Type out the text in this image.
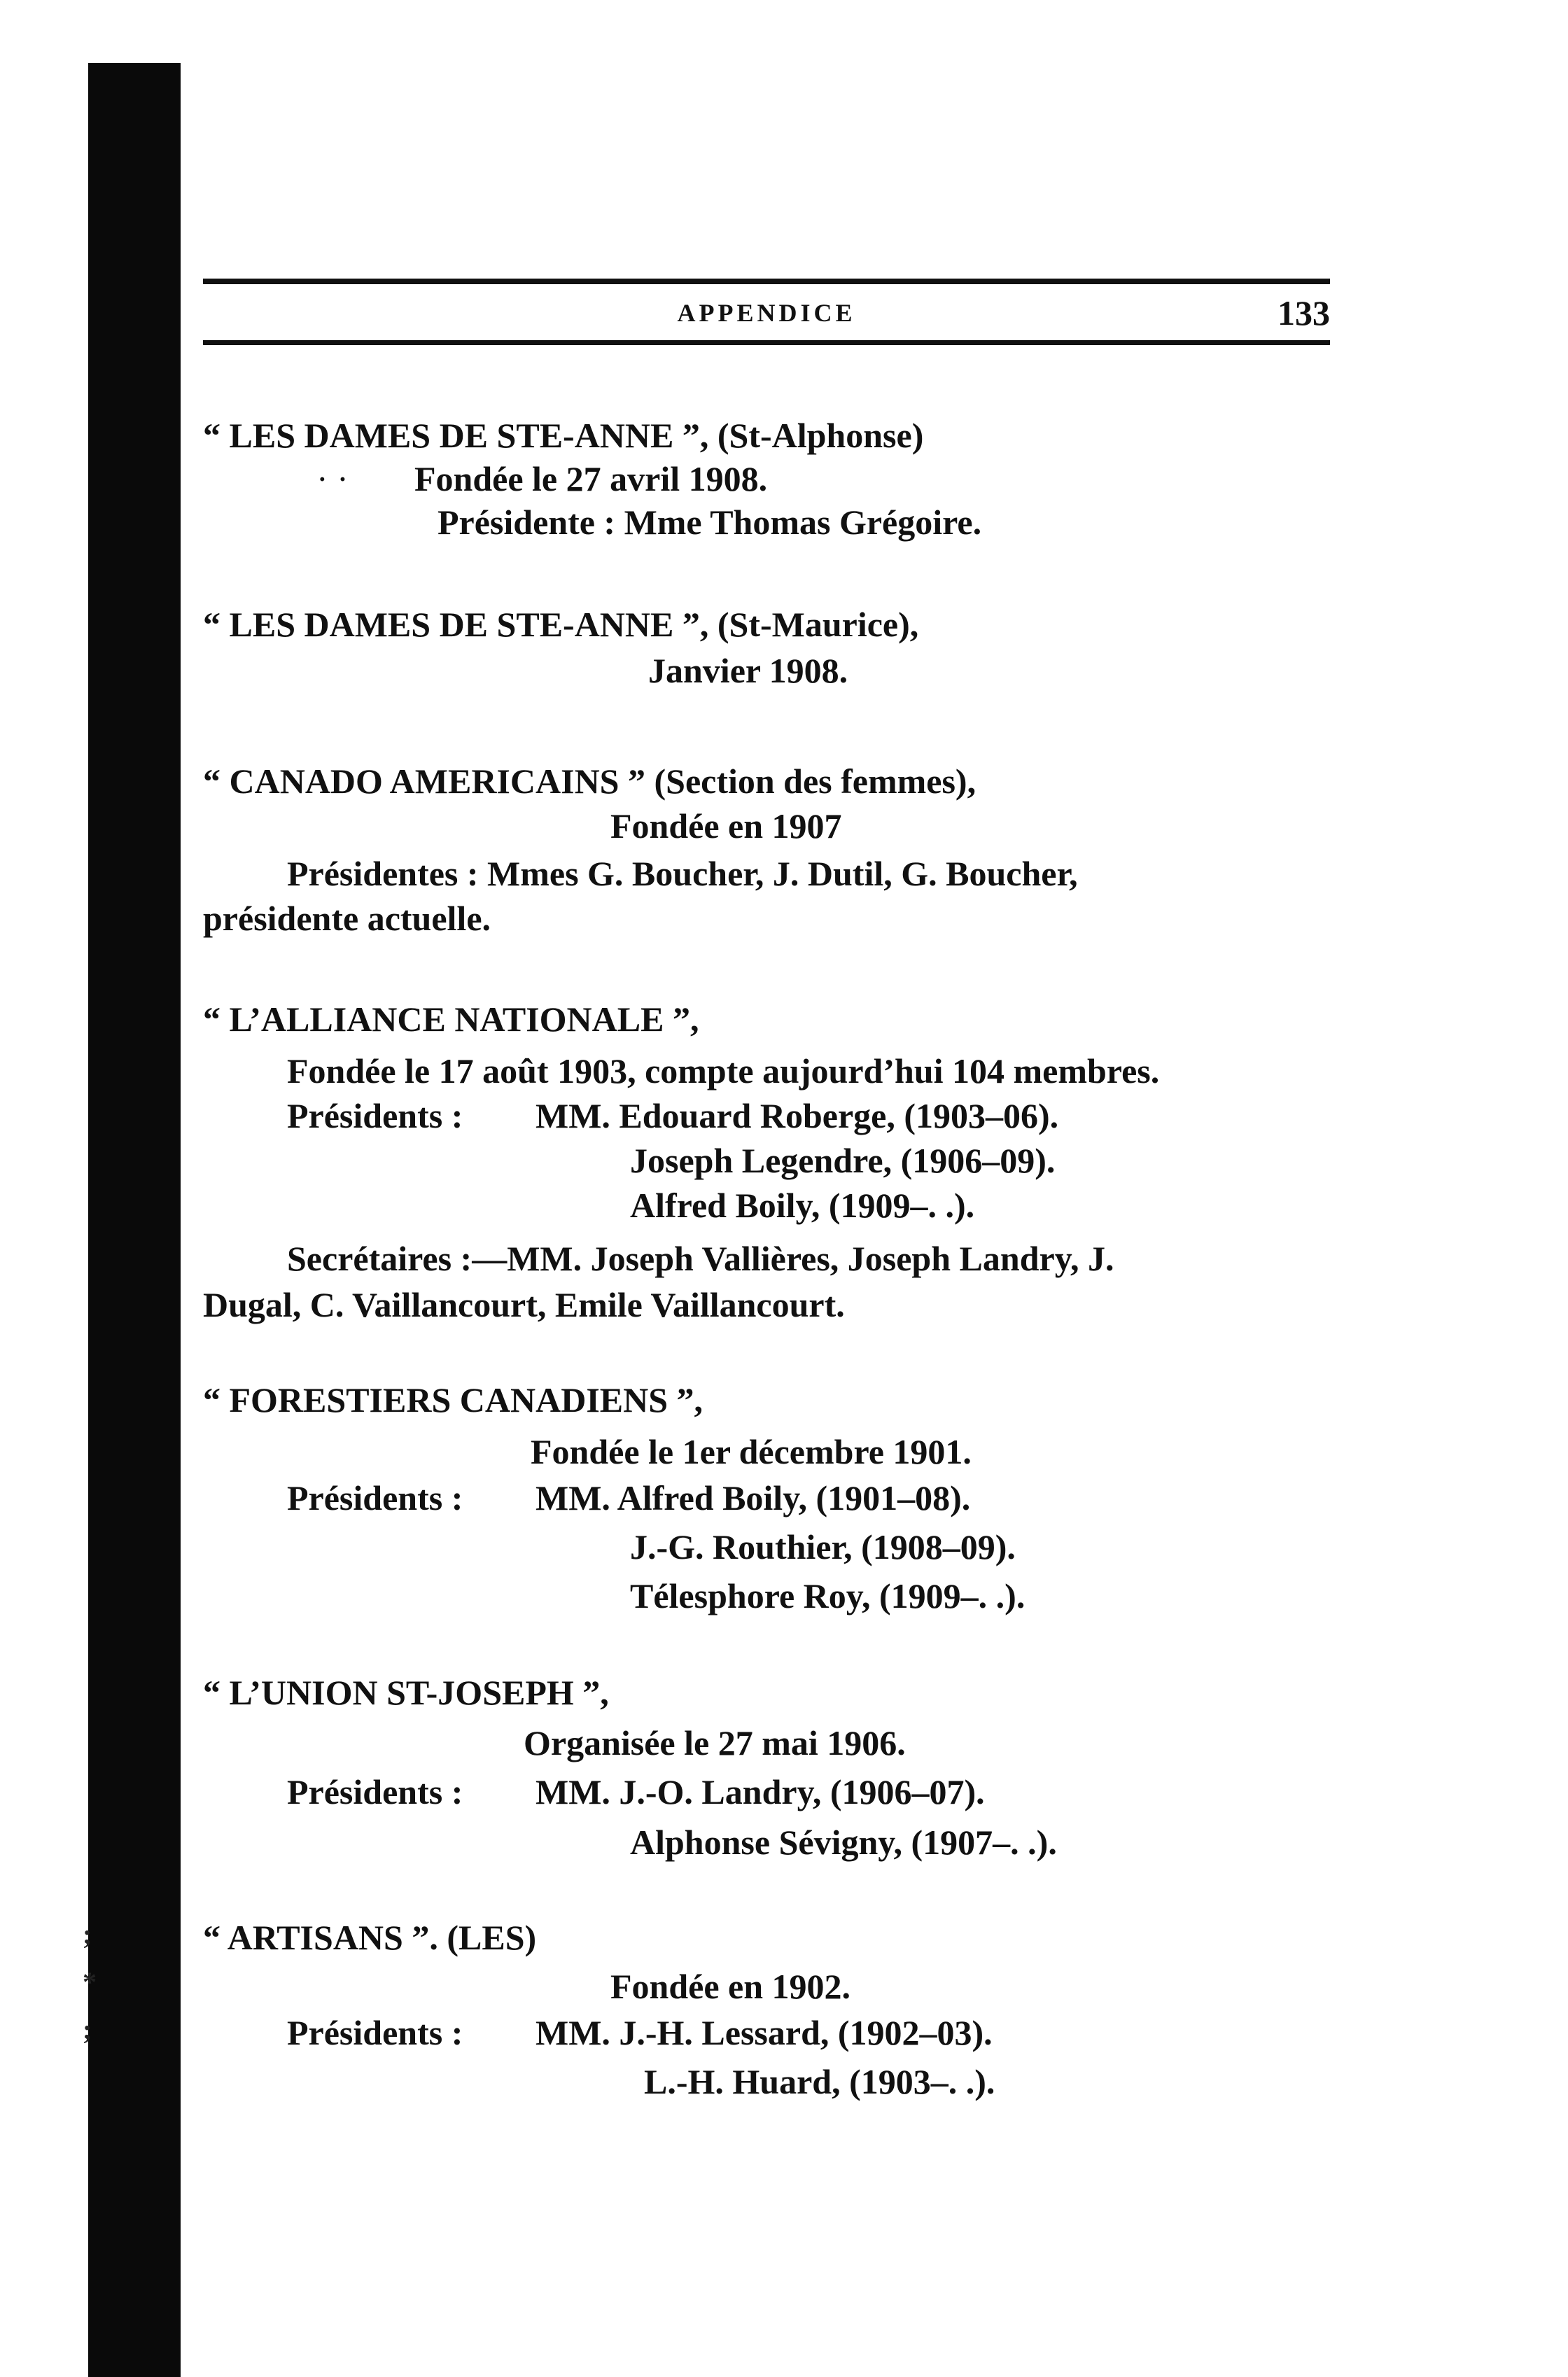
;
*
;
APPENDICE	133
“ LES DAMES DE STE-ANNE ”, (St-Alphonse)
· · Fondée le 27 avril 1908.
Présidente : Mme Thomas Grégoire.
“ LES DAMES DE STE-ANNE ”, (St-Maurice),
Janvier 1908.
“ CANADO AMERICAINS ” (Section des femmes),
Fondée en 1907
Présidentes : Mmes G. Boucher, J. Dutil, G. Boucher,
présidente actuelle.
“ L’ALLIANCE NATIONALE ”,
Fondée le 17 août 1903, compte aujourd’hui 104 membres.
Présidents : MM. Edouard Roberge, (1903–06).
Joseph Legendre, (1906–09).
Alfred Boily, (1909–. .).
Secrétaires :—MM. Joseph Vallières, Joseph Landry, J.
Dugal, C. Vaillancourt, Emile Vaillancourt.
“ FORESTIERS CANADIENS ”,
Fondée le 1er décembre 1901.
Présidents : MM. Alfred Boily, (1901–08).
J.-G. Routhier, (1908–09).
Télesphore Roy, (1909–. .).
“ L’UNION ST-JOSEPH ”,
Organisée le 27 mai 1906.
Présidents : MM. J.-O. Landry, (1906–07).
Alphonse Sévigny, (1907–. .).
“ ARTISANS ”. (LES)
Fondée en 1902.
Présidents : MM. J.-H. Lessard, (1902–03).
L.-H. Huard, (1903–. .).
